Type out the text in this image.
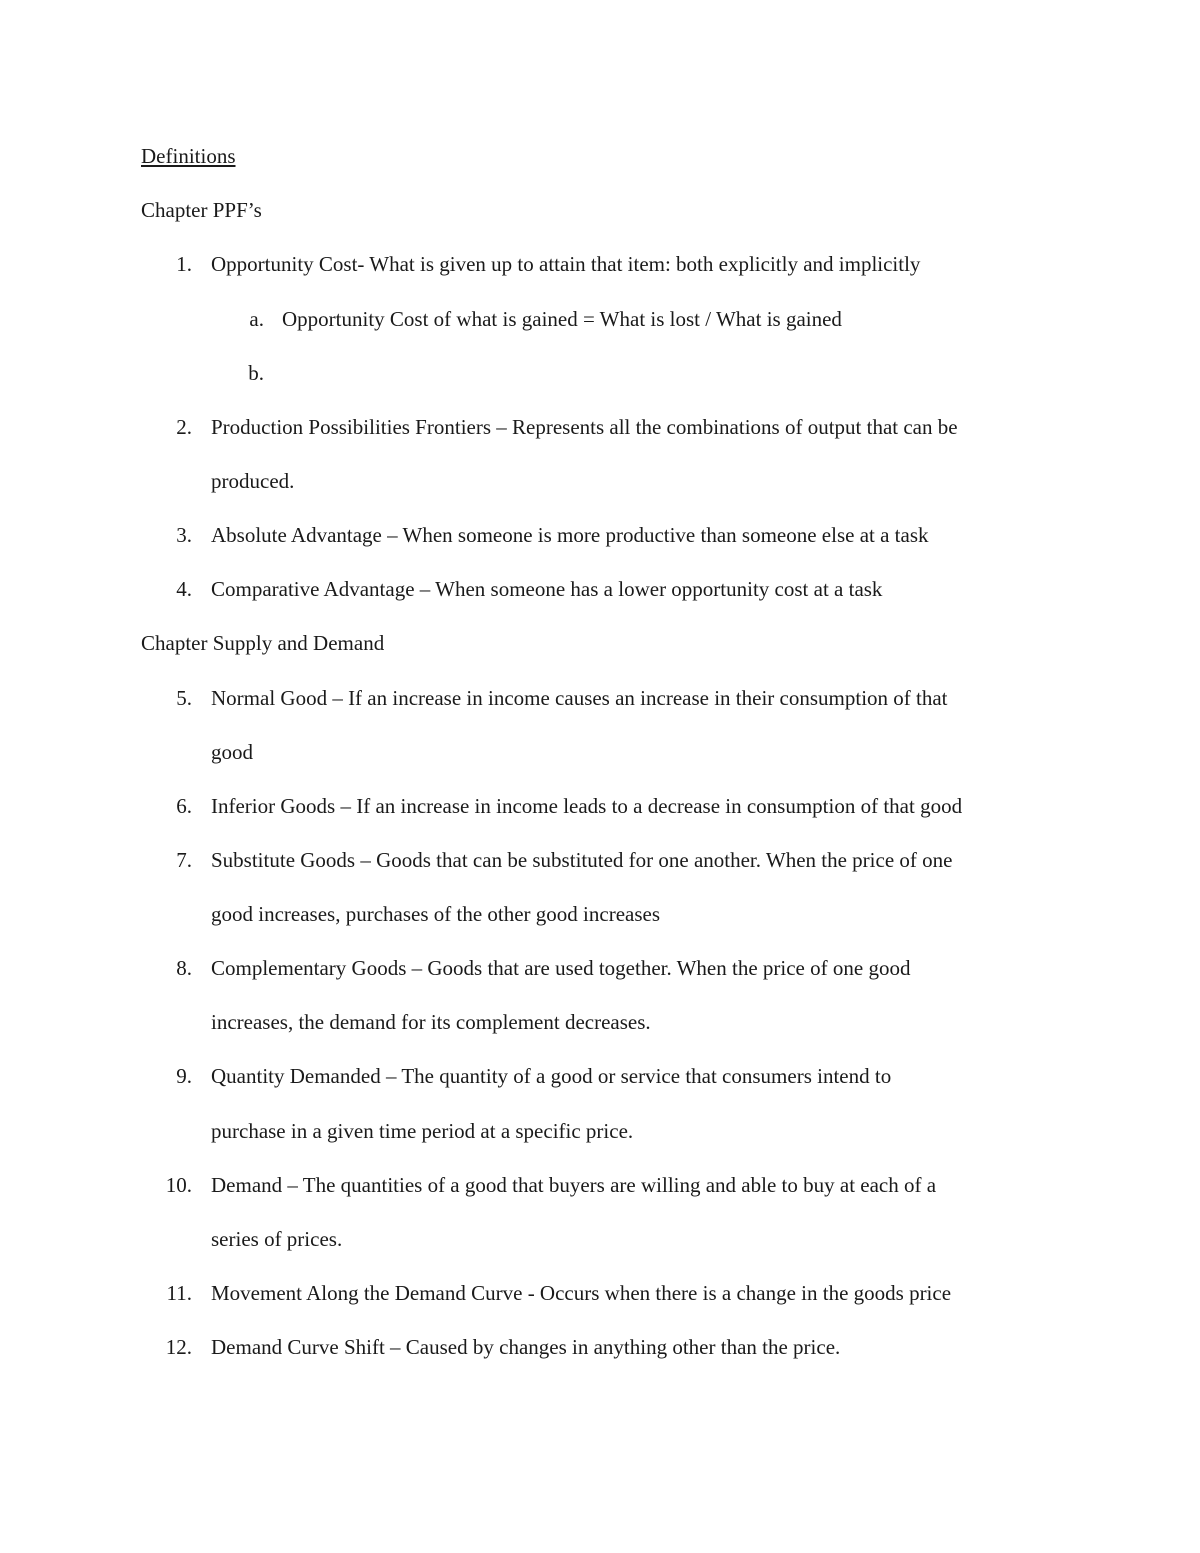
Definitions
Chapter PPF’s
1. Opportunity Cost- What is given up to attain that item: both explicitly and implicitly
a. Opportunity Cost of what is gained = What is lost / What is gained
b.
2. Production Possibilities Frontiers – Represents all the combinations of output that can be
produced.
3. Absolute Advantage – When someone is more productive than someone else at a task
4. Comparative Advantage – When someone has a lower opportunity cost at a task
Chapter Supply and Demand
5. Normal Good – If an increase in income causes an increase in their consumption of that
good
6. Inferior Goods – If an increase in income leads to a decrease in consumption of that good
7. Substitute Goods – Goods that can be substituted for one another. When the price of one
good increases, purchases of the other good increases
8. Complementary Goods – Goods that are used together. When the price of one good
increases, the demand for its complement decreases.
9. Quantity Demanded – The quantity of a good or service that consumers intend to
purchase in a given time period at a specific price.
10. Demand – The quantities of a good that buyers are willing and able to buy at each of a
series of prices.
11. Movement Along the Demand Curve - Occurs when there is a change in the goods price
12. Demand Curve Shift – Caused by changes in anything other than the price.
